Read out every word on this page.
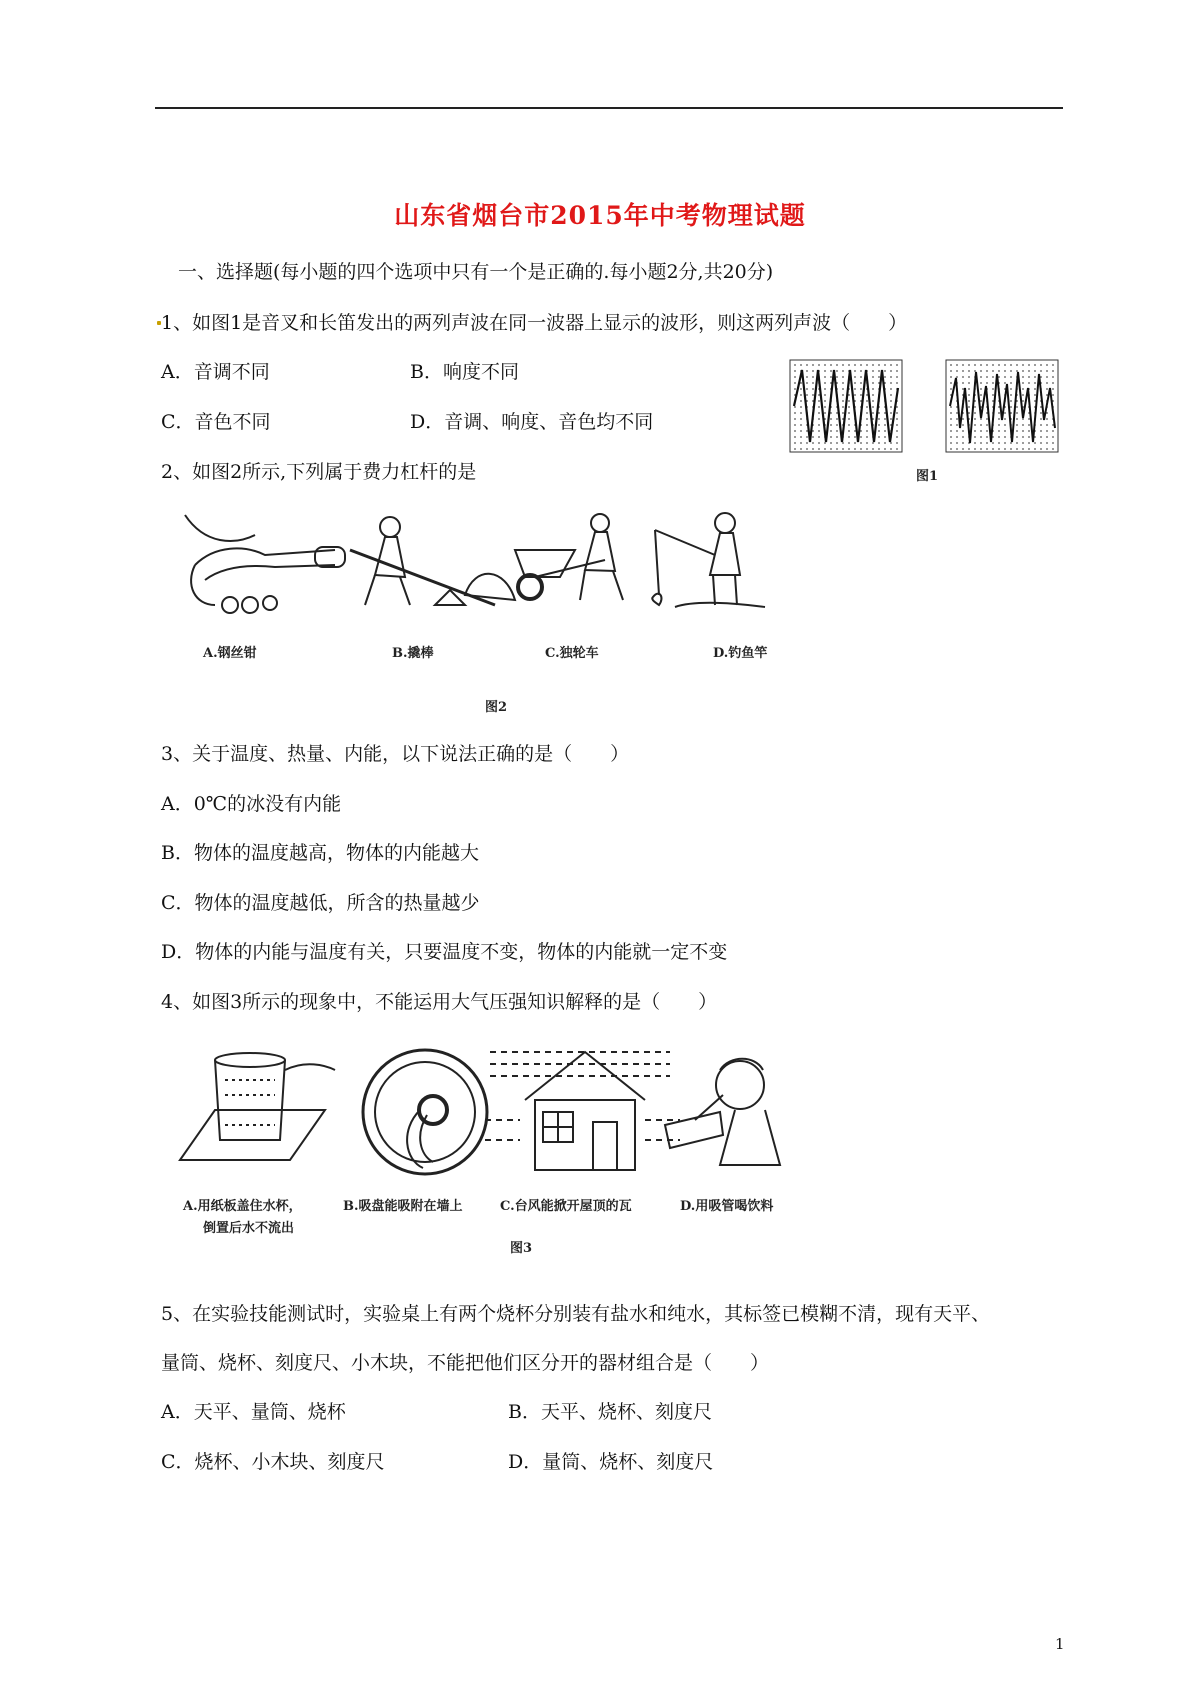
山东省烟台市2015年中考物理试题
一、选择题(每小题的四个选项中只有一个是正确的.每小题2分,共20分)
1、如图1是音叉和长笛发出的两列声波在同一波器上显示的波形，则这两列声波（　　）
A．音调不同	B．响度不同
C．音色不同	D．音调、响度、音色均不同
图1
2、如图2所示,下列属于费力杠杆的是
A.钢丝钳	B.撬棒	C.独轮车	D.钓鱼竿
图2
3、关于温度、热量、内能，以下说法正确的是（　　）
A．0℃的冰没有内能
B．物体的温度越高，物体的内能越大
C．物体的温度越低，所含的热量越少
D．物体的内能与温度有关，只要温度不变，物体的内能就一定不变
4、如图3所示的现象中，不能运用大气压强知识解释的是（　　）
A.用纸板盖住水杯，
倒置后水不流出
B.吸盘能吸附在墙上	C.台风能掀开屋顶的瓦	D.用吸管喝饮料
图3
5、在实验技能测试时，实验桌上有两个烧杯分别装有盐水和纯水，其标签已模糊不清，现有天平、
量筒、烧杯、刻度尺、小木块，不能把他们区分开的器材组合是（　　）
A．天平、量筒、烧杯	B．天平、烧杯、刻度尺
C．烧杯、小木块、刻度尺	D．量筒、烧杯、刻度尺
1
